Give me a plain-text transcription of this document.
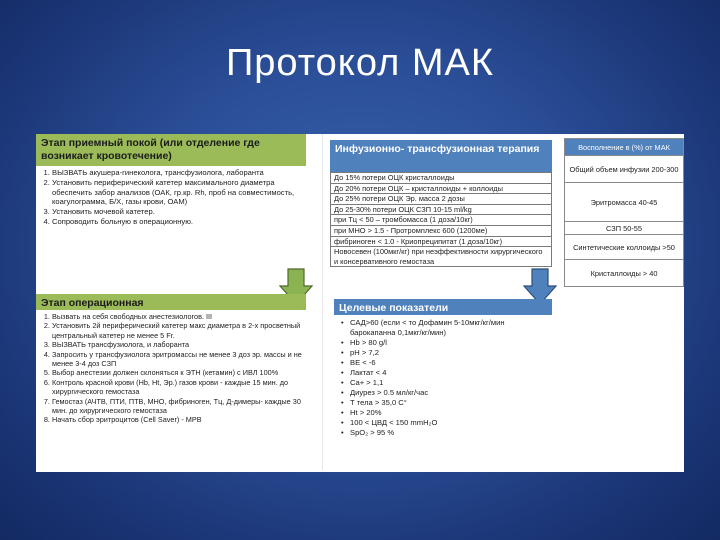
Протокол МАК
Этап приемный покой (или отделение где возникает кровотечение)
1. ВЫЗВАТЬ акушера-гинеколога, трансфузиолога, лаборанта
2. Установить периферический катетер максимального диаметра обеспечить забор анализов (ОАК, гр.кр. Rh, проб на совместимость, коагулограмма, Б/Х, газы крови, ОАМ)
3. Установить мочевой катетер.
4. Сопроводить больную в операционную.
Инфузионно- трансфузионная терапия
До 15% потери ОЦК кристаллоиды
До 20% потери ОЦК – кристаллоиды + коллоиды
До 25% потери ОЦК Эр. масса 2 дозы
До 25-30% потери ОЦК СЗП 10-15 ml/kg
при Тц < 50 – тромбомасса (1 доза/10кг)
при МНО > 1.5 - Протромплекс 600 (1200ме)
фибриноген < 1.0 - Криопреципитат (1 доза/10кг)
Новосевен (100мкг/кг) при неэффективности хирургического и консервативного гемостаза
Восполнение в (%) от МАК
Общий объем инфузии 200-300
Эритромасса 40-45
СЗП 50-55
Синтетические коллоиды >50
Кристаллоиды > 40
Этап операционная
1. Вызвать на себя свободных анестезиологов. III
2. Установить 2й периферический катетер макс диаметра в 2-х просветный центральный катетер не менее 5 Fr.
3. ВЫЗВАТЬ трансфузиолога, и лаборанта
4. Запросить у трансфузиолога эритромассы не менее 3 доз эр. массы и не менее 3-4 доз СЗП
5. Выбор анестезии должен склоняться к ЭТН (кетамин) с ИВЛ 100%
6. Контроль красной крови (Hb, Ht, Эр.) газов крови - каждые 15 мин. до хирургического гемостаза
7. Гемостаз (АЧТВ, ПТИ, ПТВ, МНО, фибриноген, Тц, Д-димеры- каждые 30 мин. до хирургического гемостаза
8. Начать сбор эритроцитов (Cell Saver) - МРВ
Целевые показатели
• САД>60 (если < то Дофамин 5-10мкг/кг/мин барокапанна 0,1мкг/кг/мин)
• Hb > 80 g/l
• pH > 7,2
• BE < -6
• Лактат < 4
• Ca+ > 1,1
• Диурез > 0.5 мл/кг/час
• Т тела > 35,0 С°
• Ht > 20%
• 100 < ЦВД < 150 mmH₂O
• SpO₂ > 95 %
